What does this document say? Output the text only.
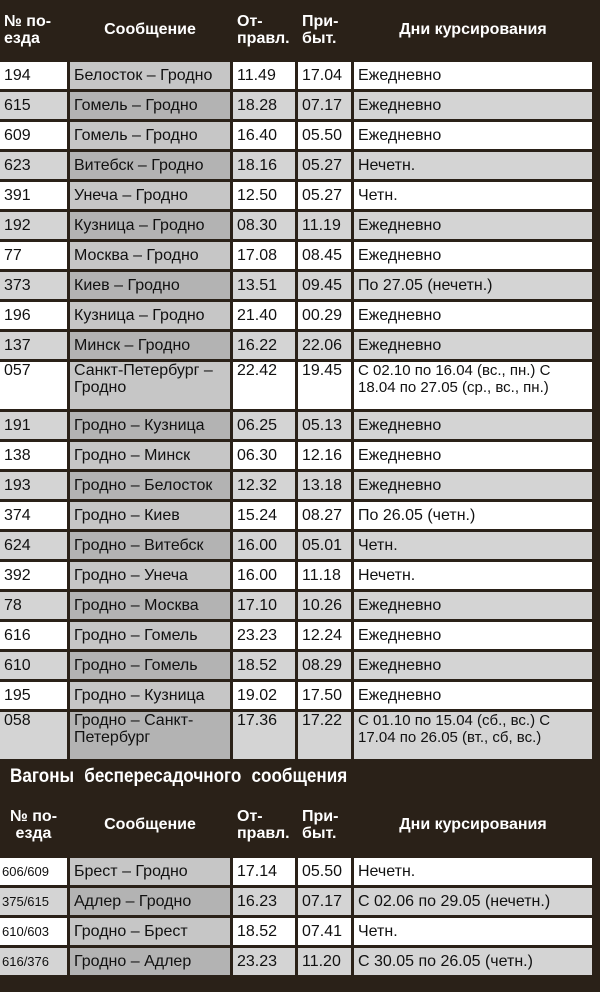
№ по-езда	Сообщение	От-правл.	При-быт.	Дни курсирования
194	Белосток – Гродно	11.49	17.04	Ежедневно
615	Гомель – Гродно	18.28	07.17	Ежедневно
609	Гомель – Гродно	16.40	05.50	Ежедневно
623	Витебск – Гродно	18.16	05.27	Нечетн.
391	Унеча – Гродно	12.50	05.27	Четн.
192	Кузница – Гродно	08.30	11.19	Ежедневно
77	Москва – Гродно	17.08	08.45	Ежедневно
373	Киев – Гродно	13.51	09.45	По 27.05 (нечетн.)
196	Кузница – Гродно	21.40	00.29	Ежедневно
137	Минск – Гродно	16.22	22.06	Ежедневно
057	Санкт-Петербург – Гродно	22.42	19.45	С 02.10 по 16.04 (вс., пн.) С 18.04 по 27.05 (ср., вс., пн.)
191	Гродно – Кузница	06.25	05.13	Ежедневно
138	Гродно – Минск	06.30	12.16	Ежедневно
193	Гродно – Белосток	12.32	13.18	Ежедневно
374	Гродно – Киев	15.24	08.27	По 26.05 (четн.)
624	Гродно – Витебск	16.00	05.01	Четн.
392	Гродно – Унеча	16.00	11.18	Нечетн.
78	Гродно – Москва	17.10	10.26	Ежедневно
616	Гродно – Гомель	23.23	12.24	Ежедневно
610	Гродно – Гомель	18.52	08.29	Ежедневно
195	Гродно – Кузница	19.02	17.50	Ежедневно
058	Гродно – Санкт-Петербург	17.36	17.22	С 01.10 по 15.04 (сб., вс.) С 17.04 по 26.05 (вт., сб, вс.)
Вагоны беспересадочного сообщения
№ по-езда	Сообщение	От-правл.	При-быт.	Дни курсирования
606/609	Брест – Гродно	17.14	05.50	Нечетн.
375/615	Адлер – Гродно	16.23	07.17	С 02.06 по 29.05 (нечетн.)
610/603	Гродно – Брест	18.52	07.41	Четн.
616/376	Гродно – Адлер	23.23	11.20	С 30.05 по 26.05 (четн.)
